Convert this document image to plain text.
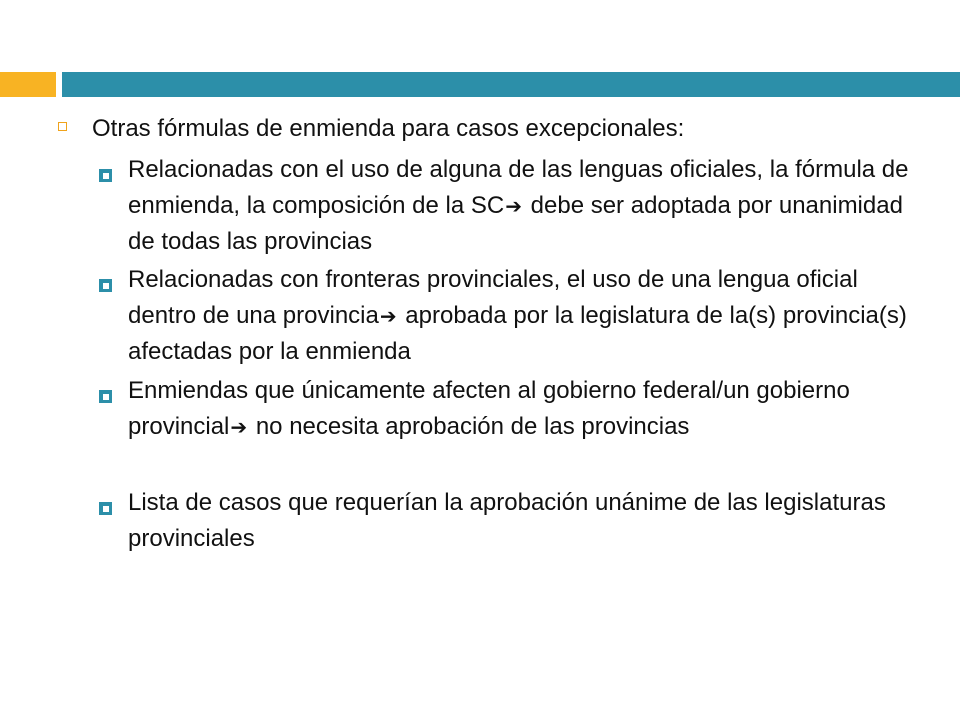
Otras fórmulas de enmienda para casos excepcionales:
Relacionadas con el uso de alguna de las lenguas oficiales, la fórmula de enmienda, la composición de la SC➔ debe ser adoptada por unanimidad de todas las provincias
Relacionadas con fronteras provinciales, el uso de una lengua oficial dentro de una provincia➔ aprobada por la legislatura de la(s) provincia(s) afectadas por la enmienda
Enmiendas que únicamente afecten al gobierno federal/un gobierno provincial➔ no necesita aprobación de las provincias
Lista de casos que requerían la aprobación unánime de las legislaturas provinciales
